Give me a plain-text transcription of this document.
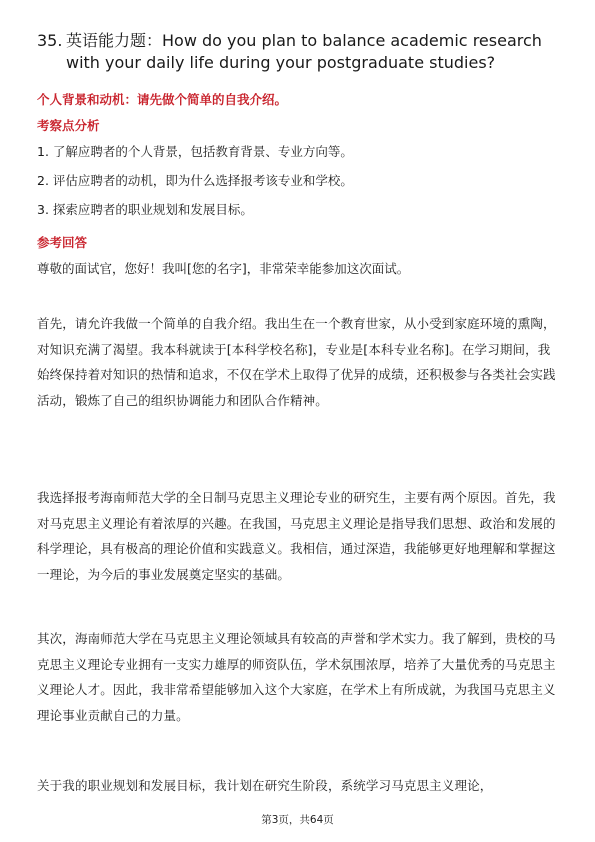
35. 英语能力题：How do you plan to balance academic research
with your daily life during your postgraduate studies?
个人背景和动机：请先做个简单的自我介绍。
考察点分析
1. 了解应聘者的个人背景，包括教育背景、专业方向等。
2. 评估应聘者的动机，即为什么选择报考该专业和学校。
3. 探索应聘者的职业规划和发展目标。
参考回答
尊敬的面试官，您好！我叫[您的名字]，非常荣幸能参加这次面试。
首先，请允许我做一个简单的自我介绍。我出生在一个教育世家，从小受到家庭环境的熏陶，对知识充满了渴望。我本科就读于[本科学校名称]，专业是[本科专业名称]。在学习期间，我始终保持着对知识的热情和追求，不仅在学术上取得了优异的成绩，还积极参与各类社会实践活动，锻炼了自己的组织协调能力和团队合作精神。
我选择报考海南师范大学的全日制马克思主义理论专业的研究生，主要有两个原因。首先，我对马克思主义理论有着浓厚的兴趣。在我国，马克思主义理论是指导我们思想、政治和发展的科学理论，具有极高的理论价值和实践意义。我相信，通过深造，我能够更好地理解和掌握这一理论，为今后的事业发展奠定坚实的基础。
其次，海南师范大学在马克思主义理论领域具有较高的声誉和学术实力。我了解到，贵校的马克思主义理论专业拥有一支实力雄厚的师资队伍，学术氛围浓厚，培养了大量优秀的马克思主义理论人才。因此，我非常希望能够加入这个大家庭，在学术上有所成就，为我国马克思主义理论事业贡献自己的力量。
关于我的职业规划和发展目标，我计划在研究生阶段，系统学习马克思主义理论，
第3页，共64页
